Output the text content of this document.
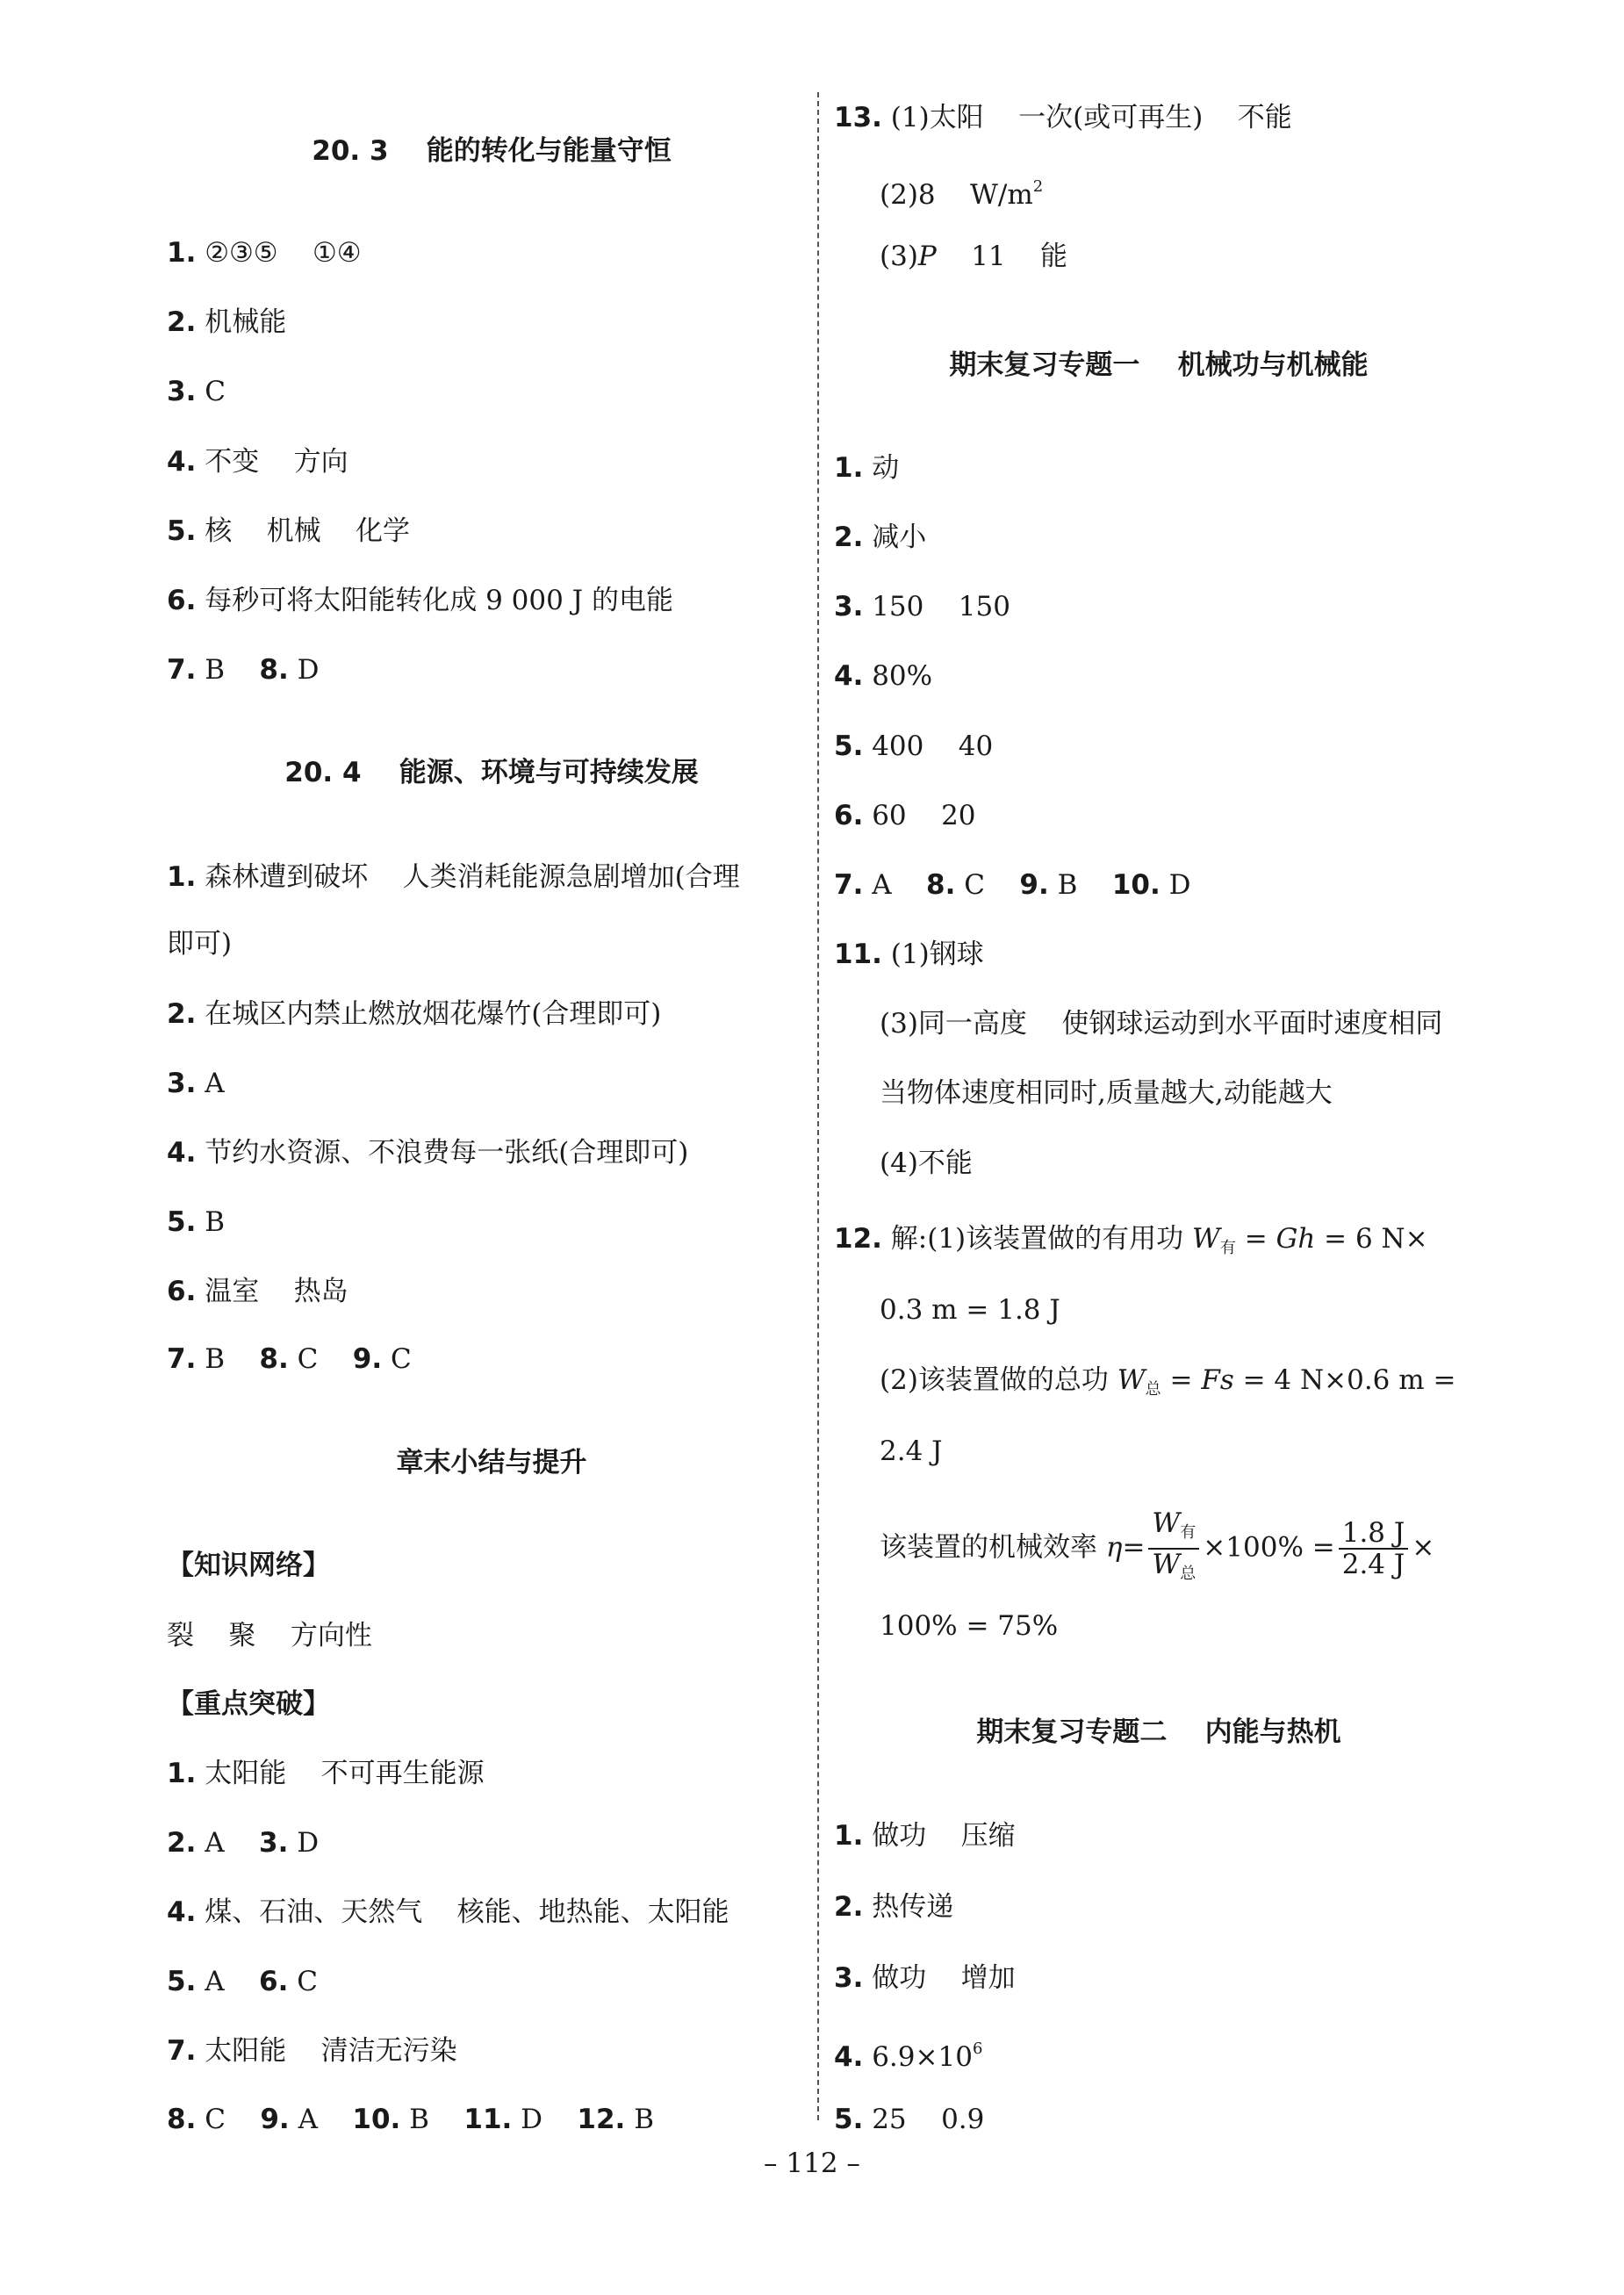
20. 3    能的转化与能量守恒
1. ②③⑤    ①④
2. 机械能
3. C
4. 不变    方向
5. 核    机械    化学
6. 每秒可将太阳能转化成 9 000 J 的电能
7. B    8. D
20. 4    能源、环境与可持续发展
1. 森林遭到破坏    人类消耗能源急剧增加(合理
即可)
2. 在城区内禁止燃放烟花爆竹(合理即可)
3. A
4. 节约水资源、不浪费每一张纸(合理即可)
5. B
6. 温室    热岛
7. B    8. C    9. C
章末小结与提升
【知识网络】
裂    聚    方向性
【重点突破】
1. 太阳能    不可再生能源
2. A    3. D
4. 煤、石油、天然气    核能、地热能、太阳能
5. A    6. C
7. 太阳能    清洁无污染
8. C    9. A    10. B    11. D    12. B
13. (1)太阳    一次(或可再生)    不能
(2)8    $W/m^2$
(3)P    11    能
期末复习专题一    机械功与机械能
1. 动
2. 减小
3. 150    150
4. 80%
5. 400    40
6. 60    20
7. A    8. C    9. B    10. D
11. (1)钢球
(3)同一高度    使钢球运动到水平面时速度相同
当物体速度相同时,质量越大,动能越大
(4)不能
12. 解:(1)该装置做的有用功 $W_有 = Gh = 6$ N×
0.3 m = 1.8 J
(2)该装置做的总功 $W_总 = Fs = 4$ N×0.6 m =
2.4 J
该装置的机械效率 $\eta= \frac{W_有}{W_总} \times 100\% = \frac{1.8 J}{2.4 J}$ ×
100% = 75%
期末复习专题二    内能与热机
1. 做功    压缩
2. 热传递
3. 做功    增加
4. $6.9\times 10^6$
5. 25    0.9
– 112 –
